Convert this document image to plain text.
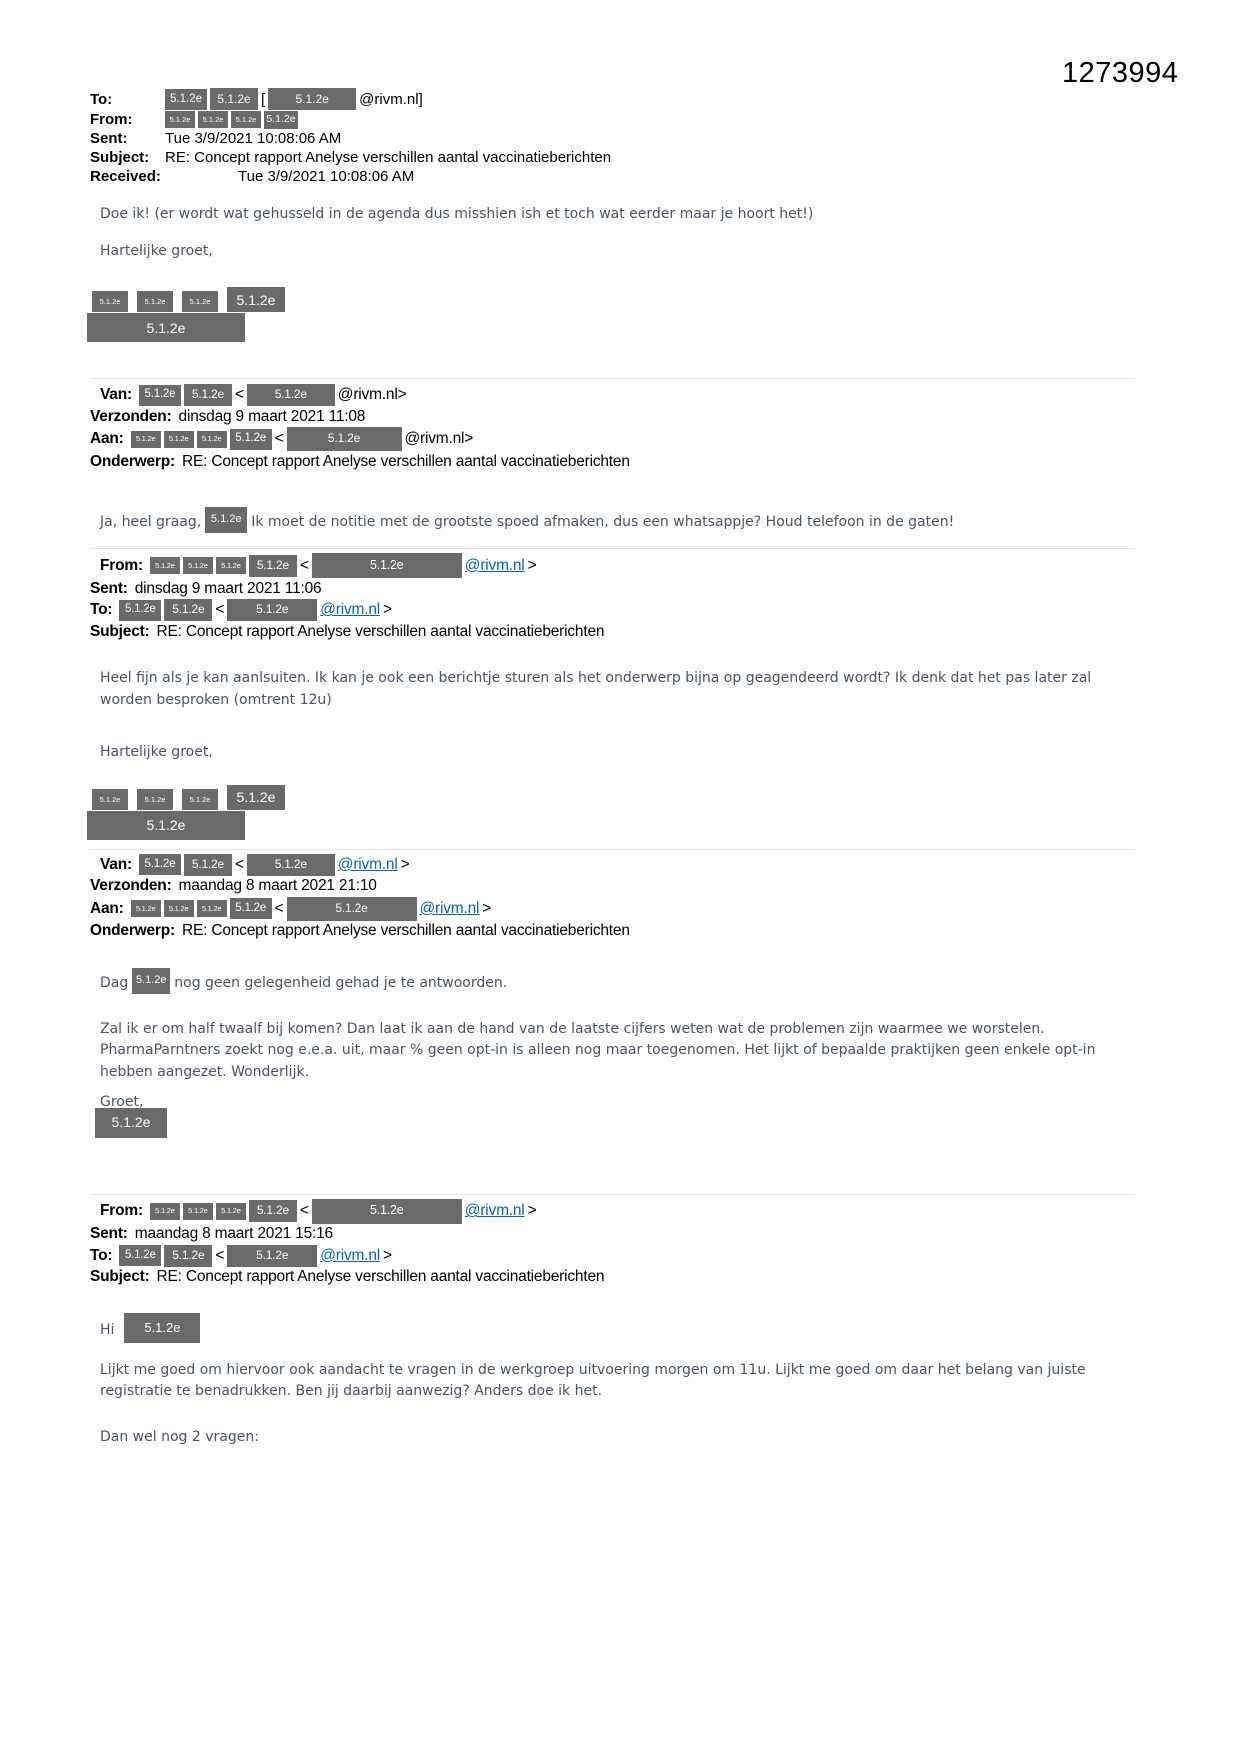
1273994
To:	5.1.2e	5.1.2e [	5.1.2e	@rivm.nl]
From:	5.1.2e	5.1.2e	5.1.2e 5.1.2e
Sent:	Tue 3/9/2021 10:08:06 AM
Subject:	RE: Concept rapport Anelyse verschillen aantal vaccinatieberichten
Received:	Tue 3/9/2021 10:08:06 AM
Doe ik! (er wordt wat gehusseld in de agenda dus misshien ish et toch wat eerder maar je hoort het!)
Hartelijke groet,
5.1.2e	5.1.2e	5.1.2e	5.1.2e
5.1.2e
Van:	5.1.2e	5.1.2e <	5.1.2e	@rivm.nl>
Verzonden: dinsdag 9 maart 2021 11:08
Aan:	5.1.2e	5.1.2e	5.1.2e	5.1.2e <	5.1.2e	@rivm.nl>
Onderwerp: RE: Concept rapport Anelyse verschillen aantal vaccinatieberichten
Ja, heel graag, 5.1.2e Ik moet de notitie met de grootste spoed afmaken, dus een whatsappje? Houd telefoon in de gaten!
From:	5.1.2e	5.1.2e	5.1.2e	5.1.2e <	5.1.2e	@rivm.nl >
Sent: dinsdag 9 maart 2021 11:06
To:	5.1.2e	5.1.2e <	5.1.2e	@rivm.nl >
Subject: RE: Concept rapport Anelyse verschillen aantal vaccinatieberichten
Heel fijn als je kan aanlsuiten. Ik kan je ook een berichtje sturen als het onderwerp bijna op geagendeerd wordt? Ik denk dat het pas later zal worden besproken (omtrent 12u)
Hartelijke groet,
5.1.2e	5.1.2e	5.1.2e	5.1.2e
5.1.2e
Van:	5.1.2e	5.1.2e <	5.1.2e	@rivm.nl >
Verzonden: maandag 8 maart 2021 21:10
Aan:	5.1.2e	5.1.2e	5.1.2e	5.1.2e <	5.1.2e	@rivm.nl >
Onderwerp: RE: Concept rapport Anelyse verschillen aantal vaccinatieberichten
Dag 5.1.2e nog geen gelegenheid gehad je te antwoorden.
Zal ik er om half twaalf bij komen? Dan laat ik aan de hand van de laatste cijfers weten wat de problemen zijn waarmee we worstelen.
PharmaParntners zoekt nog e.e.a. uit, maar % geen opt-in is alleen nog maar toegenomen. Het lijkt of bepaalde praktijken geen enkele opt-in hebben aangezet. Wonderlijk.
Groet,
5.1.2e
From:	5.1.2e	5.1.2e	5.1.2e	5.1.2e <	5.1.2e	@rivm.nl >
Sent: maandag 8 maart 2021 15:16
To:	5.1.2e	5.1.2e <	5.1.2e	@rivm.nl >
Subject: RE: Concept rapport Anelyse verschillen aantal vaccinatieberichten
Hi 5.1.2e
Lijkt me goed om hiervoor ook aandacht te vragen in de werkgroep uitvoering morgen om 11u. Lijkt me goed om daar het belang van juiste registratie te benadrukken. Ben jij daarbij aanwezig? Anders doe ik het.
Dan wel nog 2 vragen:
